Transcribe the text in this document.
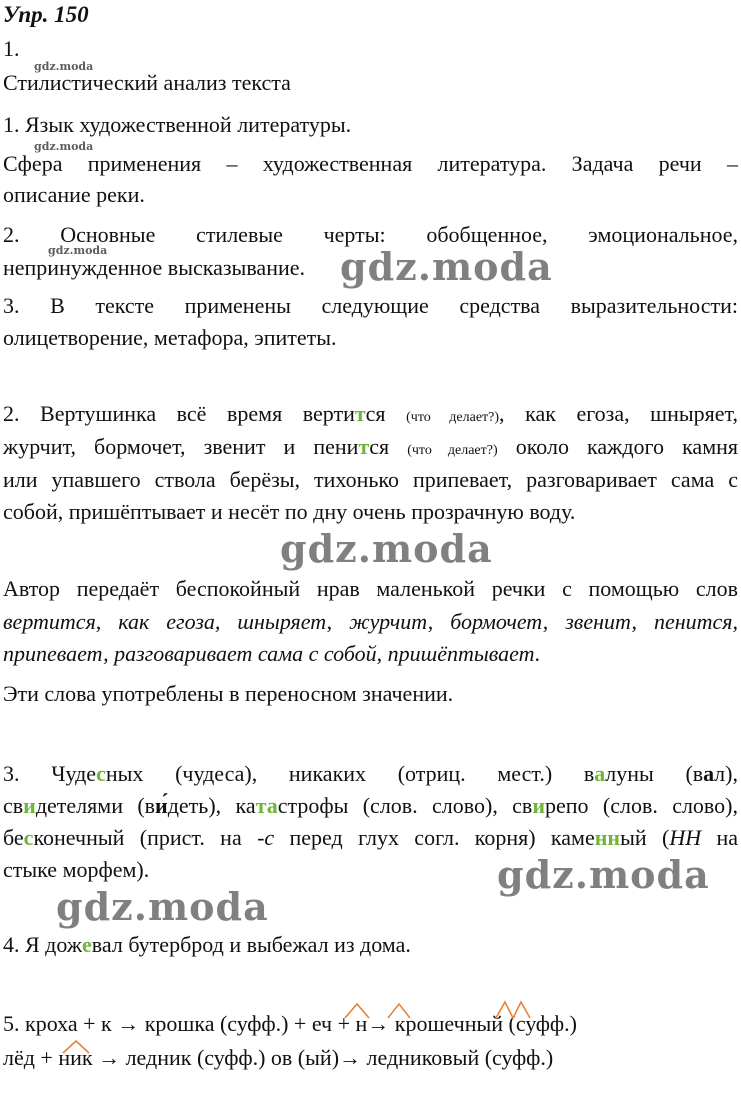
Упр. 150
1.
Стилистический анализ текста
1. Язык художественной литературы.
Сфера применения – художественная литература. Задача речи –
описание реки.
2. Основные стилевые черты: обобщенное, эмоциональное,
непринужденное высказывание.
3. В тексте применены следующие средства выразительности:
олицетворение, метафора, эпитеты.
2. Вертушинка всё время вертится (что делает?), как егоза, шныряет,
журчит, бормочет, звенит и пенится (что делает?) около каждого камня
или упавшего ствола берёзы, тихонько припевает, разговаривает сама с
собой, пришёптывает и несёт по дну очень прозрачную воду.
Автор передаёт беспокойный нрав маленькой речки с помощью слов
вертится, как егоза, шныряет, журчит, бормочет, звенит, пенится,
припевает, разговаривает сама с собой, пришёптывает.
Эти слова употреблены в переносном значении.
3. Чудесных (чудеса), никаких (отриц. мест.) валуны (вал),
свидетелями (ви́деть), катастрофы (слов. слово), свирепо (слов. слово),
бесконечный (прист. на -с перед глух согл. корня) каменный (НН на
стыке морфем).
4. Я дожевал бутерброд и выбежал из дома.
5. кроха + к → крошка (суфф.) + еч + н→ крошечный (суфф.)
лёд + ник → ледник (суфф.) ов (ый)→ ледниковый (суфф.)
gdz.moda
gdz.moda
gdz.moda	gdz.moda
gdz.moda
gdz.moda
gdz.moda
